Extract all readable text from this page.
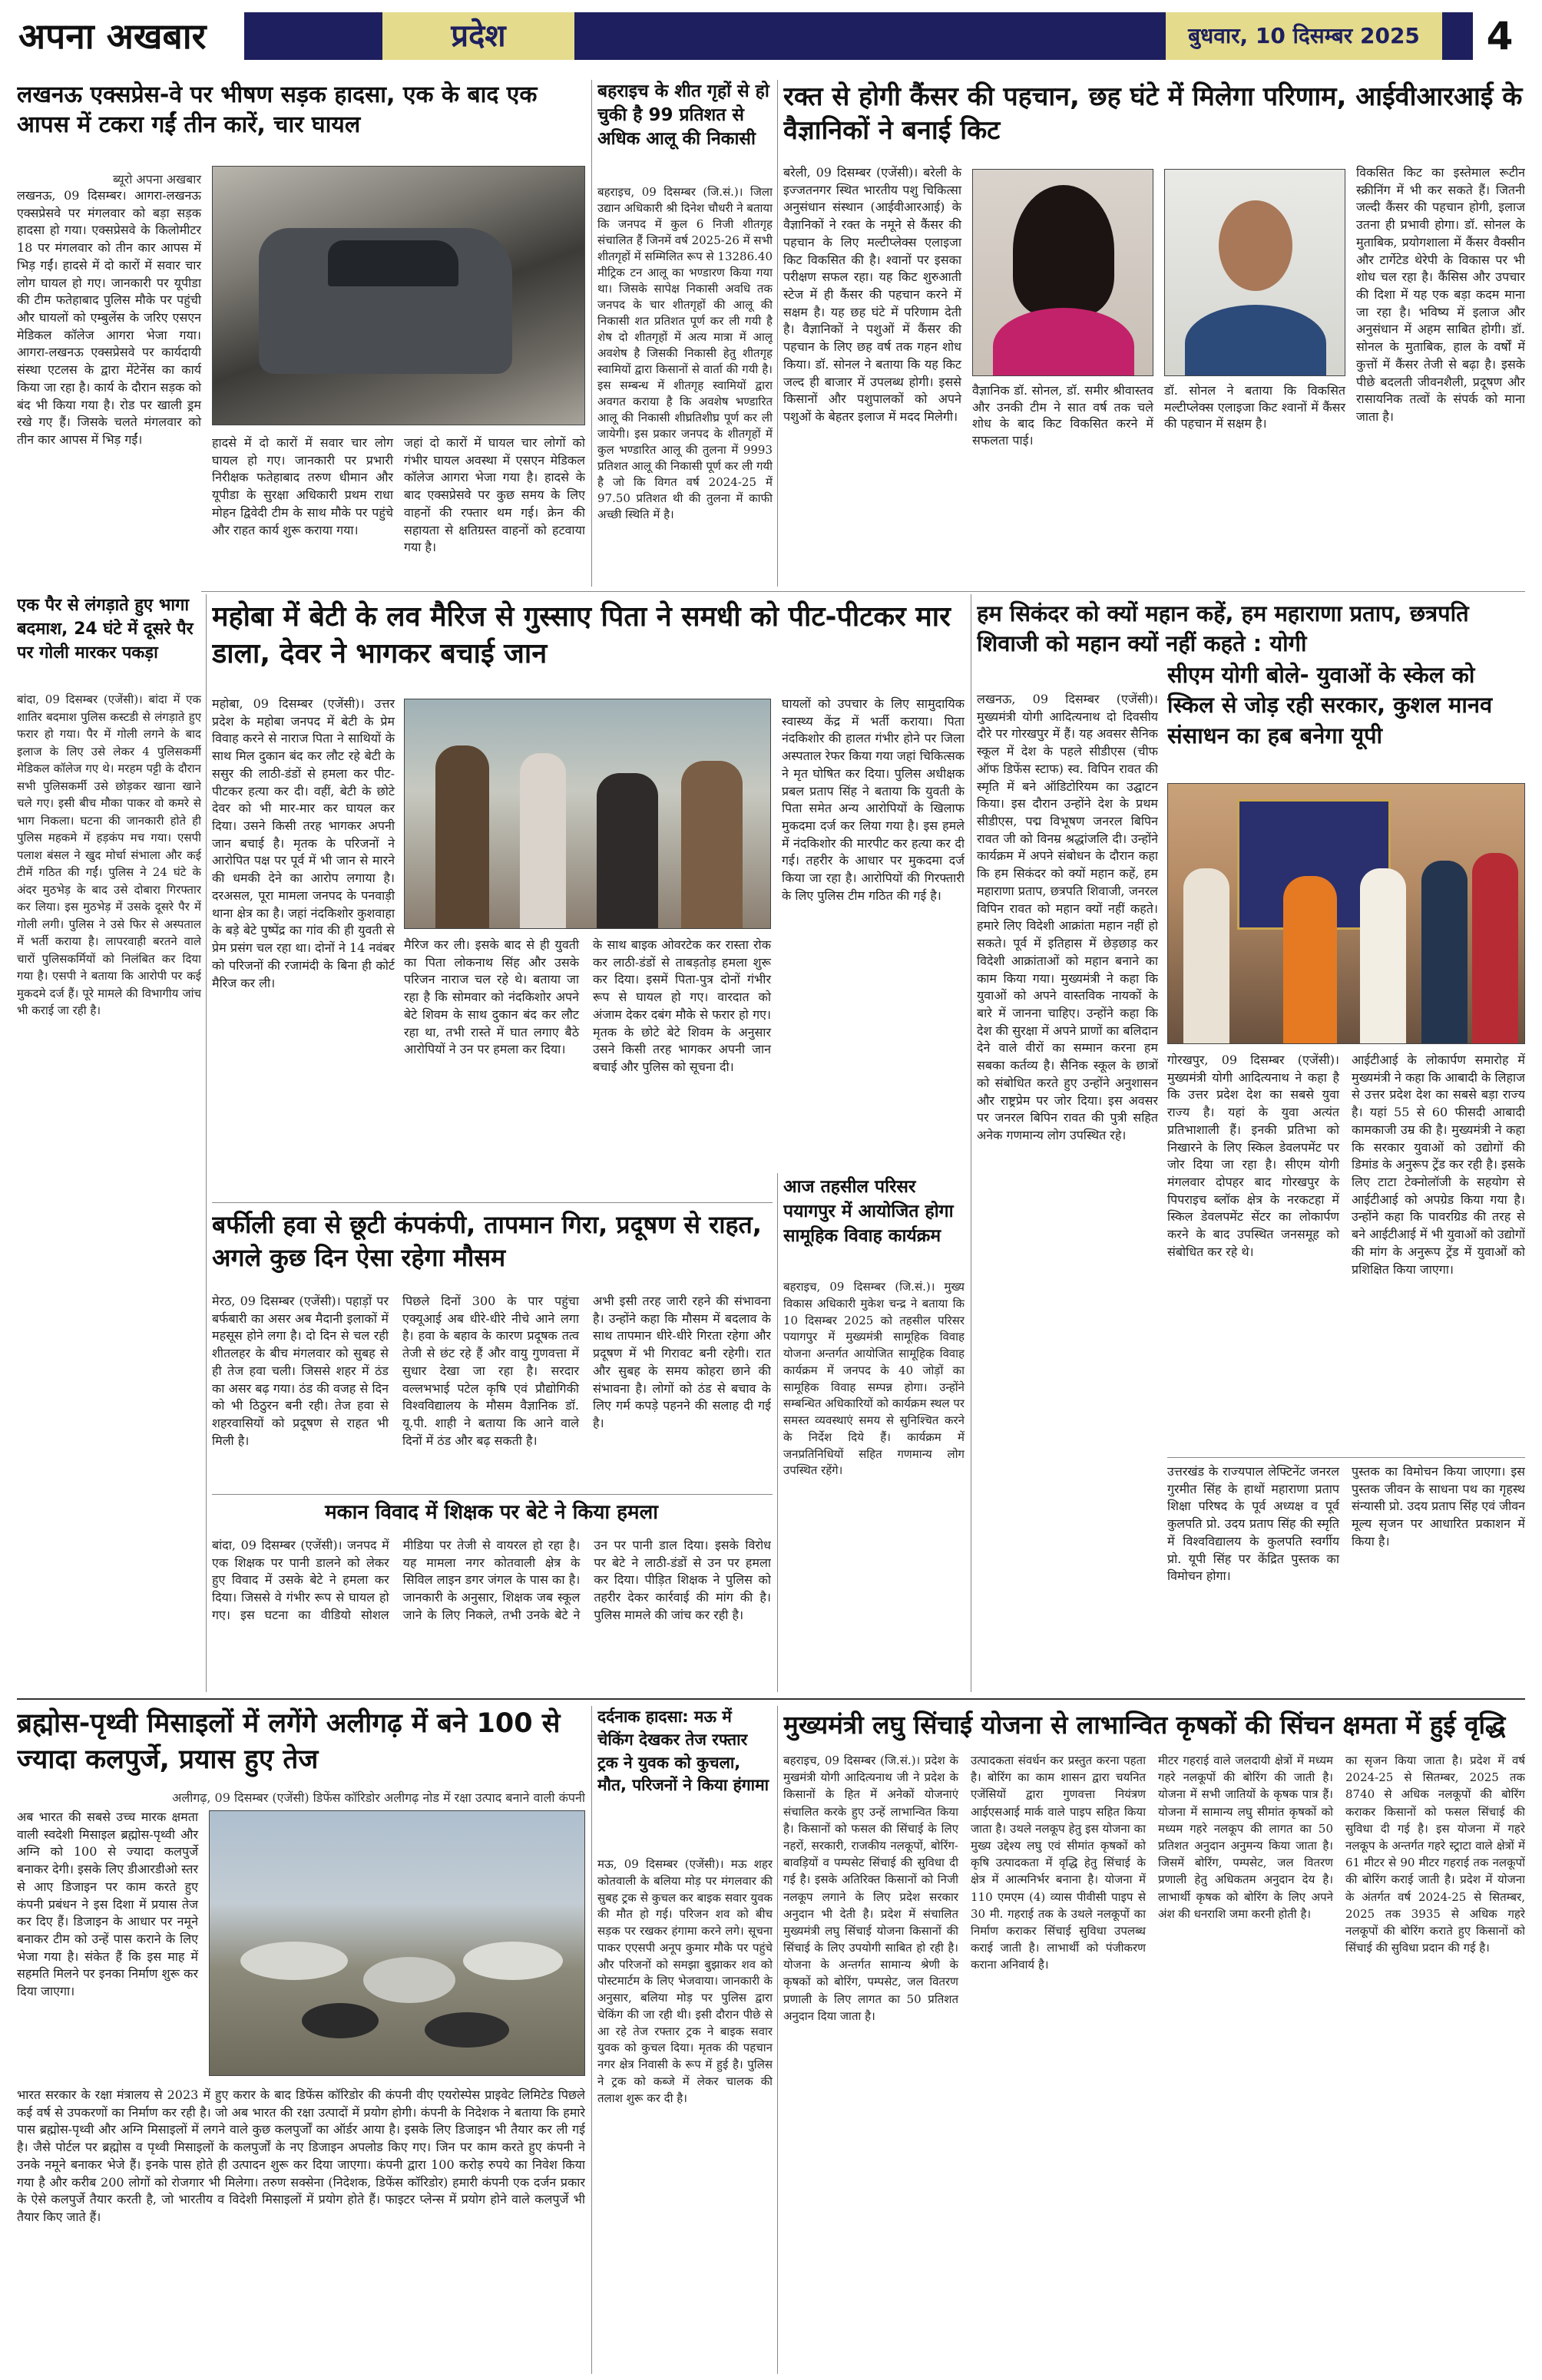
अपना अखबार	प्रदेश	बुधवार, 10 दिसम्बर 2025	4
लखनऊ एक्सप्रेस-वे पर भीषण सड़क हादसा, एक के बाद एक आपस में टकरा गईं तीन कारें, चार घायल
ब्यूरो अपना अखबार
लखनऊ, 09 दिसम्बर। आगरा-लखनऊ एक्सप्रेसवे पर मंगलवार को बड़ा सड़क हादसा हो गया। एक्सप्रेसवे के किलोमीटर 18 पर मंगलवार को तीन कार आपस में भिड़ गईं। हादसे में दो कारों में सवार चार लोग घायल हो गए। जानकारी पर यूपीडा की टीम फतेहाबाद पुलिस मौके पर पहुंची और घायलों को एम्बुलेंस के जरिए एसएन मेडिकल कॉलेज आगरा भेजा गया। आगरा-लखनऊ एक्सप्रेसवे पर कार्यदायी संस्था एटलस के द्वारा मेंटेनेंस का कार्य किया जा रहा है। कार्य के दौरान सड़क को बंद भी किया गया है। रोड पर खाली ड्रम रखे गए हैं। जिसके चलते मंगलवार को तीन कार आपस में भिड़ गईं।	हादसे में दो कारों में सवार चार लोग घायल हो गए। जानकारी पर प्रभारी निरीक्षक फतेहाबाद तरुण धीमान और यूपीडा के सुरक्षा अधिकारी प्रथम राधा मोहन द्विवेदी टीम के साथ मौके पर पहुंचे और राहत कार्य शुरू कराया गया।
जहां दो कारों में घायल चार लोगों को गंभीर घायल अवस्था में एसएन मेडिकल कॉलेज आगरा भेजा गया है। हादसे के बाद एक्सप्रेसवे पर कुछ समय के लिए वाहनों की रफ्तार थम गई। क्रेन की सहायता से क्षतिग्रस्त वाहनों को हटवाया गया है।
बहराइच के शीत गृहों से हो चुकी है 99 प्रतिशत से अधिक आलू की निकासी
बहराइच, 09 दिसम्बर (जि.सं.)। जिला उद्यान अधिकारी श्री दिनेश चौधरी ने बताया कि जनपद में कुल 6 निजी शीतगृह संचालित हैं जिनमें वर्ष 2025-26 में सभी शीतगृहों में सम्मिलित रूप से 13286.40 मीट्रिक टन आलू का भण्डारण किया गया था। जिसके सापेक्ष निकासी अवधि तक जनपद के चार शीतगृहों की आलू की निकासी शत प्रतिशत पूर्ण कर ली गयी है शेष दो शीतगृहों में अत्य मात्रा में आलू अवशेष है जिसकी निकासी हेतु शीतगृह स्वामियों द्वारा किसानों से वार्ता की गयी है। इस सम्बन्ध में शीतगृह स्वामियों द्वारा अवगत कराया है कि अवशेष भण्डारित आलू की निकासी शीघ्रतिशीघ्र पूर्ण कर ली जायेगी। इस प्रकार जनपद के शीतगृहों में कुल भण्डारित आलू की तुलना में 9993 प्रतिशत आलू की निकासी पूर्ण कर ली गयी है जो कि विगत वर्ष 2024-25 में 97.50 प्रतिशत थी की तुलना में काफी अच्छी स्थिति में है।
रक्त से होगी कैंसर की पहचान, छह घंटे में मिलेगा परिणाम, आईवीआरआई के वैज्ञानिकों ने बनाई किट
बरेली, 09 दिसम्बर (एजेंसी)। बरेली के इज्जतनगर स्थित भारतीय पशु चिकित्सा अनुसंधान संस्थान (आईवीआरआई) के वैज्ञानिकों ने रक्त के नमूने से कैंसर की पहचान के लिए मल्टीप्लेक्स एलाइजा किट विकसित की है। श्वानों पर इसका परीक्षण सफल रहा। यह किट शुरुआती स्टेज में ही कैंसर की पहचान करने में सक्षम है। यह छह घंटे में परिणाम देती है। वैज्ञानिकों ने पशुओं में कैंसर की पहचान के लिए छह वर्ष तक गहन शोध किया। डॉ. सोनल ने बताया कि यह किट जल्द ही बाजार में उपलब्ध होगी। इससे किसानों और पशुपालकों को अपने पशुओं के बेहतर इलाज में मदद मिलेगी।
वैज्ञानिक डॉ. सोनल, डॉ. समीर श्रीवास्तव और उनकी टीम ने सात वर्ष तक चले शोध के बाद किट विकसित करने में सफलता पाई।
डॉ. सोनल ने बताया कि विकसित मल्टीप्लेक्स एलाइजा किट श्वानों में कैंसर की पहचान में सक्षम है।
विकसित किट का इस्तेमाल रूटीन स्क्रीनिंग में भी कर सकते हैं। जितनी जल्दी कैंसर की पहचान होगी, इलाज उतना ही प्रभावी होगा। डॉ. सोनल के मुताबिक, प्रयोगशाला में कैंसर वैक्सीन और टार्गेटेड थेरेपी के विकास पर भी शोध चल रहा है। कैंसिस और उपचार की दिशा में यह एक बड़ा कदम माना जा रहा है। भविष्य में इलाज और अनुसंधान में अहम साबित होगी। डॉ. सोनल के मुताबिक, हाल के वर्षों में कुत्तों में कैंसर तेजी से बढ़ा है। इसके पीछे बदलती जीवनशैली, प्रदूषण और रासायनिक तत्वों के संपर्क को माना जाता है।
एक पैर से लंगड़ाते हुए भागा बदमाश, 24 घंटे में दूसरे पैर पर गोली मारकर पकड़ा
बांदा, 09 दिसम्बर (एजेंसी)। बांदा में एक शातिर बदमाश पुलिस कस्टडी से लंगड़ाते हुए फरार हो गया। पैर में गोली लगने के बाद इलाज के लिए उसे लेकर 4 पुलिसकर्मी मेडिकल कॉलेज गए थे। मरहम पट्टी के दौरान सभी पुलिसकर्मी उसे छोड़कर खाना खाने चले गए। इसी बीच मौका पाकर वो कमरे से भाग निकला। घटना की जानकारी होते ही पुलिस महकमे में हड़कंप मच गया। एसपी पलाश बंसल ने खुद मोर्चा संभाला और कई टीमें गठित की गईं। पुलिस ने 24 घंटे के अंदर मुठभेड़ के बाद उसे दोबारा गिरफ्तार कर लिया। इस मुठभेड़ में उसके दूसरे पैर में गोली लगी। पुलिस ने उसे फिर से अस्पताल में भर्ती कराया है। लापरवाही बरतने वाले चारों पुलिसकर्मियों को निलंबित कर दिया गया है। एसपी ने बताया कि आरोपी पर कई मुकदमे दर्ज हैं। पूरे मामले की विभागीय जांच भी कराई जा रही है।
महोबा में बेटी के लव मैरिज से गुस्साए पिता ने समधी को पीट-पीटकर मार डाला, देवर ने भागकर बचाई जान
महोबा, 09 दिसम्बर (एजेंसी)। उत्तर प्रदेश के महोबा जनपद में बेटी के प्रेम विवाह करने से नाराज पिता ने साथियों के साथ मिल दुकान बंद कर लौट रहे बेटी के ससुर की लाठी-डंडों से हमला कर पीट-पीटकर हत्या कर दी। वहीं, बेटी के छोटे देवर को भी मार-मार कर घायल कर दिया। उसने किसी तरह भागकर अपनी जान बचाई है। मृतक के परिजनों ने आरोपित पक्ष पर पूर्व में भी जान से मारने की धमकी देने का आरोप लगाया है। दरअसल, पूरा मामला जनपद के पनवाड़ी थाना क्षेत्र का है। जहां नंदकिशोर कुशवाहा के बड़े बेटे पुष्पेंद्र का गांव की ही युवती से प्रेम प्रसंग चल रहा था। दोनों ने 14 नवंबर को परिजनों की रजामंदी के बिना ही कोर्ट मैरिज कर ली।
मैरिज कर ली। इसके बाद से ही युवती का पिता लोकनाथ सिंह और उसके परिजन नाराज चल रहे थे। बताया जा रहा है कि सोमवार को नंदकिशोर अपने बेटे शिवम के साथ दुकान बंद कर लौट रहा था, तभी रास्ते में घात लगाए बैठे आरोपियों ने उन पर हमला कर दिया।
के साथ बाइक ओवरटेक कर रास्ता रोक कर लाठी-डंडों से ताबड़तोड़ हमला शुरू कर दिया। इसमें पिता-पुत्र दोनों गंभीर रूप से घायल हो गए। वारदात को अंजाम देकर दबंग मौके से फरार हो गए। मृतक के छोटे बेटे शिवम के अनुसार उसने किसी तरह भागकर अपनी जान बचाई और पुलिस को सूचना दी।
घायलों को उपचार के लिए सामुदायिक स्वास्थ्य केंद्र में भर्ती कराया। पिता नंदकिशोर की हालत गंभीर होने पर जिला अस्पताल रेफर किया गया जहां चिकित्सक ने मृत घोषित कर दिया। पुलिस अधीक्षक प्रबल प्रताप सिंह ने बताया कि युवती के पिता समेत अन्य आरोपियों के खिलाफ मुकदमा दर्ज कर लिया गया है। इस हमले में नंदकिशोर की मारपीट कर हत्या कर दी गई। तहरीर के आधार पर मुकदमा दर्ज किया जा रहा है। आरोपियों की गिरफ्तारी के लिए पुलिस टीम गठित की गई है।
हम सिकंदर को क्यों महान कहें, हम महाराणा प्रताप, छत्रपति शिवाजी को महान क्यों नहीं कहते : योगी
लखनऊ, 09 दिसम्बर (एजेंसी)। मुख्यमंत्री योगी आदित्यनाथ दो दिवसीय दौरे पर गोरखपुर में हैं। यह अवसर सैनिक स्कूल में देश के पहले सीडीएस (चीफ ऑफ डिफेंस स्टाफ) स्व. विपिन रावत की स्मृति में बने ऑडिटोरियम का उद्घाटन किया। इस दौरान उन्होंने देश के प्रथम सीडीएस, पद्म विभूषण जनरल बिपिन रावत जी को विनम्र श्रद्धांजलि दी। उन्होंने कार्यक्रम में अपने संबोधन के दौरान कहा कि हम सिकंदर को क्यों महान कहें, हम महाराणा प्रताप, छत्रपति शिवाजी, जनरल विपिन रावत को महान क्यों नहीं कहते। हमारे लिए विदेशी आक्रांता महान नहीं हो सकते। पूर्व में इतिहास में छेड़छाड़ कर विदेशी आक्रांताओं को महान बनाने का काम किया गया। मुख्यमंत्री ने कहा कि युवाओं को अपने वास्तविक नायकों के बारे में जानना चाहिए। उन्होंने कहा कि देश की सुरक्षा में अपने प्राणों का बलिदान देने वाले वीरों का सम्मान करना हम सबका कर्तव्य है। सैनिक स्कूल के छात्रों को संबोधित करते हुए उन्होंने अनुशासन और राष्ट्रप्रेम पर जोर दिया। इस अवसर पर जनरल बिपिन रावत की पुत्री सहित अनेक गणमान्य लोग उपस्थित रहे।
सीएम योगी बोले- युवाओं के स्केल को स्किल से जोड़ रही सरकार, कुशल मानव संसाधन का हब बनेगा यूपी
गोरखपुर, 09 दिसम्बर (एजेंसी)। मुख्यमंत्री योगी आदित्यनाथ ने कहा है कि उत्तर प्रदेश देश का सबसे युवा राज्य है। यहां के युवा अत्यंत प्रतिभाशाली हैं। इनकी प्रतिभा को निखारने के लिए स्किल डेवलपमेंट पर जोर दिया जा रहा है। सीएम योगी मंगलवार दोपहर बाद गोरखपुर के पिपराइच ब्लॉक क्षेत्र के नरकटहा में स्किल डेवलपमेंट सेंटर का लोकार्पण करने के बाद उपस्थित जनसमूह को संबोधित कर रहे थे।
आईटीआई के लोकार्पण समारोह में मुख्यमंत्री ने कहा कि आबादी के लिहाज से उत्तर प्रदेश देश का सबसे बड़ा राज्य है। यहां 55 से 60 फीसदी आबादी कामकाजी उम्र की है। मुख्यमंत्री ने कहा कि सरकार युवाओं को उद्योगों की डिमांड के अनुरूप ट्रेंड कर रही है। इसके लिए टाटा टेक्नोलॉजी के सहयोग से आईटीआई को अपग्रेड किया गया है। उन्होंने कहा कि पावरग्रिड की तरह से बने आईटीआई में भी युवाओं को उद्योगों की मांग के अनुरूप ट्रेंड में युवाओं को प्रशिक्षित किया जाएगा।
उत्तरखंड के राज्यपाल लेफ्टिनेंट जनरल गुरमीत सिंह के हाथों महाराणा प्रताप शिक्षा परिषद के पूर्व अध्यक्ष व पूर्व कुलपति प्रो. उदय प्रताप सिंह की स्मृति में विश्वविद्यालय के कुलपति स्वर्गीय प्रो. यूपी सिंह पर केंद्रित पुस्तक का विमोचन होगा।
पुस्तक का विमोचन किया जाएगा। इस पुस्तक जीवन के साधना पथ का गृहस्थ संन्यासी प्रो. उदय प्रताप सिंह एवं जीवन मूल्य सृजन पर आधारित प्रकाशन में किया है।
बर्फीली हवा से छूटी कंपकंपी, तापमान गिरा, प्रदूषण से राहत, अगले कुछ दिन ऐसा रहेगा मौसम
मेरठ, 09 दिसम्बर (एजेंसी)। पहाड़ों पर बर्फबारी का असर अब मैदानी इलाकों में महसूस होने लगा है। दो दिन से चल रही शीतलहर के बीच मंगलवार को सुबह से ही तेज हवा चली। जिससे शहर में ठंड का असर बढ़ गया। ठंड की वजह से दिन को भी ठिठुरन बनी रही। तेज हवा से शहरवासियों को प्रदूषण से राहत भी मिली है।
पिछले दिनों 300 के पार पहुंचा एक्यूआई अब धीरे-धीरे नीचे आने लगा है। हवा के बहाव के कारण प्रदूषक तत्व तेजी से छंट रहे हैं और वायु गुणवत्ता में सुधार देखा जा रहा है। सरदार वल्लभभाई पटेल कृषि एवं प्रौद्योगिकी विश्वविद्यालय के मौसम वैज्ञानिक डॉ. यू.पी. शाही ने बताया कि आने वाले दिनों में ठंड और बढ़ सकती है।
अभी इसी तरह जारी रहने की संभावना है। उन्होंने कहा कि मौसम में बदलाव के साथ तापमान धीरे-धीरे गिरता रहेगा और प्रदूषण में भी गिरावट बनी रहेगी। रात और सुबह के समय कोहरा छाने की संभावना है। लोगों को ठंड से बचाव के लिए गर्म कपड़े पहनने की सलाह दी गई है।
आज तहसील परिसर पयागपुर में आयोजित होगा सामूहिक विवाह कार्यक्रम
बहराइच, 09 दिसम्बर (जि.सं.)। मुख्य विकास अधिकारी मुकेश चन्द्र ने बताया कि 10 दिसम्बर 2025 को तहसील परिसर पयागपुर में मुख्यमंत्री सामूहिक विवाह योजना अन्तर्गत आयोजित सामूहिक विवाह कार्यक्रम में जनपद के 40 जोड़ों का सामूहिक विवाह सम्पन्न होगा। उन्होंने सम्बन्धित अधिकारियों को कार्यक्रम स्थल पर समस्त व्यवस्थाएं समय से सुनिश्चित करने के निर्देश दिये हैं। कार्यक्रम में जनप्रतिनिधियों सहित गणमान्य लोग उपस्थित रहेंगे।
मकान विवाद में शिक्षक पर बेटे ने किया हमला
बांदा, 09 दिसम्बर (एजेंसी)। जनपद में एक शिक्षक पर पानी डालने को लेकर हुए विवाद में उसके बेटे ने हमला कर दिया। जिससे वे गंभीर रूप से घायल हो गए। इस घटना का वीडियो सोशल मीडिया पर तेजी से वायरल हो रहा है। यह मामला नगर कोतवाली क्षेत्र के सिविल लाइन डगर जंगल के पास का है। जानकारी के अनुसार, शिक्षक जब स्कूल जाने के लिए निकले, तभी उनके बेटे ने उन पर पानी डाल दिया। इसके विरोध पर बेटे ने लाठी-डंडों से उन पर हमला कर दिया। पीड़ित शिक्षक ने पुलिस को तहरीर देकर कार्रवाई की मांग की है। पुलिस मामले की जांच कर रही है।
ब्रह्मोस-पृथ्वी मिसाइलों में लगेंगे अलीगढ़ में बने 100 से ज्यादा कलपुर्जे, प्रयास हुए तेज
अलीगढ़, 09 दिसम्बर (एजेंसी) डिफेंस कॉरिडोर अलीगढ़ नोड में रक्षा उत्पाद बनाने वाली कंपनी
अब भारत की सबसे उच्च मारक क्षमता वाली स्वदेशी मिसाइल ब्रह्मोस-पृथ्वी और अग्नि को 100 से ज्यादा कलपुर्जे बनाकर देगी। इसके लिए डीआरडीओ स्तर से आए डिजाइन पर काम करते हुए कंपनी प्रबंधन ने इस दिशा में प्रयास तेज कर दिए हैं। डिजाइन के आधार पर नमूने बनाकर टीम को उन्हें पास कराने के लिए भेजा गया है। संकेत हैं कि इस माह में सहमति मिलने पर इनका निर्माण शुरू कर दिया जाएगा।
भारत सरकार के रक्षा मंत्रालय से 2023 में हुए करार के बाद डिफेंस कॉरिडोर की कंपनी वीए एयरोस्पेस प्राइवेट लिमिटेड पिछले कई वर्ष से उपकरणों का निर्माण कर रही है। जो अब भारत की रक्षा उत्पादों में प्रयोग होगी। कंपनी के निदेशक ने बताया कि हमारे पास ब्रह्मोस-पृथ्वी और अग्नि मिसाइलों में लगने वाले कुछ कलपुर्जों का ऑर्डर आया है। इसके लिए डिजाइन भी तैयार कर ली गई है। जैसे पोर्टल पर ब्रह्मोस व पृथ्वी मिसाइलों के कलपुर्जों के नए डिजाइन अपलोड किए गए। जिन पर काम करते हुए कंपनी ने उनके नमूने बनाकर भेजे हैं। इनके पास होते ही उत्पादन शुरू कर दिया जाएगा। कंपनी द्वारा 100 करोड़ रुपये का निवेश किया गया है और करीब 200 लोगों को रोजगार भी मिलेगा। तरुण सक्सेना (निदेशक, डिफेंस कॉरिडोर) हमारी कंपनी एक दर्जन प्रकार के ऐसे कलपुर्जे तैयार करती है, जो भारतीय व विदेशी मिसाइलों में प्रयोग होते हैं। फाइटर प्लेन्स में प्रयोग होने वाले कलपुर्जे भी तैयार किए जाते हैं।
दर्दनाक हादसा: मऊ में चेकिंग देखकर तेज रफ्तार ट्रक ने युवक को कुचला, मौत, परिजनों ने किया हंगामा
मऊ, 09 दिसम्बर (एजेंसी)। मऊ शहर कोतवाली के बलिया मोड़ पर मंगलवार की सुबह ट्रक से कुचल कर बाइक सवार युवक की मौत हो गई। परिजन शव को बीच सड़क पर रखकर हंगामा करने लगे। सूचना पाकर एएसपी अनूप कुमार मौके पर पहुंचे और परिजनों को समझा बुझाकर शव को पोस्टमार्टम के लिए भेजवाया। जानकारी के अनुसार, बलिया मोड़ पर पुलिस द्वारा चेकिंग की जा रही थी। इसी दौरान पीछे से आ रहे तेज रफ्तार ट्रक ने बाइक सवार युवक को कुचल दिया। मृतक की पहचान नगर क्षेत्र निवासी के रूप में हुई है। पुलिस ने ट्रक को कब्जे में लेकर चालक की तलाश शुरू कर दी है।
मुख्यमंत्री लघु सिंचाई योजना से लाभान्वित कृषकों की सिंचन क्षमता में हुई वृद्धि
बहराइच, 09 दिसम्बर (जि.सं.)। प्रदेश के मुखमंत्री योगी आदित्यनाथ जी ने प्रदेश के किसानों के हित में अनेकों योजनाएं संचालित करके हुए उन्हें लाभान्वित किया है। किसानों को फसल की सिंचाई के लिए नहरों, सरकारी, राजकीय नलकूपों, बोरिंग-बावड़ियों व पम्पसेट सिंचाई की सुविधा दी गई है। इसके अतिरिक्त किसानों को निजी नलकूप लगाने के लिए प्रदेश सरकार अनुदान भी देती है। प्रदेश में संचालित मुख्यमंत्री लघु सिंचाई योजना किसानों की सिंचाई के लिए उपयोगी साबित हो रही है। योजना के अन्तर्गत सामान्य श्रेणी के कृषकों को बोरिंग, पम्पसेट, जल वितरण प्रणाली के लिए लागत का 50 प्रतिशत अनुदान दिया जाता है।
उत्पादकता संवर्धन कर प्रस्तुत करना पहता है। बोरिंग का काम शासन द्वारा चयनित एजेंसियों द्वारा गुणवत्ता नियंत्रण आईएसआई मार्क वाले पाइप सहित किया जाता है। उथले नलकूप हेतु इस योजना का मुख्य उद्देश्य लघु एवं सीमांत कृषकों को कृषि उत्पादकता में वृद्धि हेतु सिंचाई के क्षेत्र में आत्मनिर्भर बनाना है। योजना में 110 एमएम (4) व्यास पीवीसी पाइप से 30 मी. गहराई तक के उथले नलकूपों का निर्माण कराकर सिंचाई सुविधा उपलब्ध कराई जाती है। लाभार्थी को पंजीकरण कराना अनिवार्य है।
मीटर गहराई वाले जलदायी क्षेत्रों में मध्यम गहरे नलकूपों की बोरिंग की जाती है। योजना में सभी जातियों के कृषक पात्र हैं। योजना में सामान्य लघु सीमांत कृषकों को मध्यम गहरे नलकूप की लागत का 50 प्रतिशत अनुदान अनुमन्य किया जाता है। जिसमें बोरिंग, पम्पसेट, जल वितरण प्रणाली हेतु अधिकतम अनुदान देय है। लाभार्थी कृषक को बोरिंग के लिए अपने अंश की धनराशि जमा करनी होती है।
का सृजन किया जाता है। प्रदेश में वर्ष 2024-25 से सितम्बर, 2025 तक 8740 से अधिक नलकूपों की बोरिंग कराकर किसानों को फसल सिंचाई की सुविधा दी गई है। इस योजना में गहरे नलकूप के अन्तर्गत गहरे स्ट्राटा वाले क्षेत्रों में 61 मीटर से 90 मीटर गहराई तक नलकूपों की बोरिंग कराई जाती है। प्रदेश में योजना के अंतर्गत वर्ष 2024-25 से सितम्बर, 2025 तक 3935 से अधिक गहरे नलकूपों की बोरिंग कराते हुए किसानों को सिंचाई की सुविधा प्रदान की गई है।
